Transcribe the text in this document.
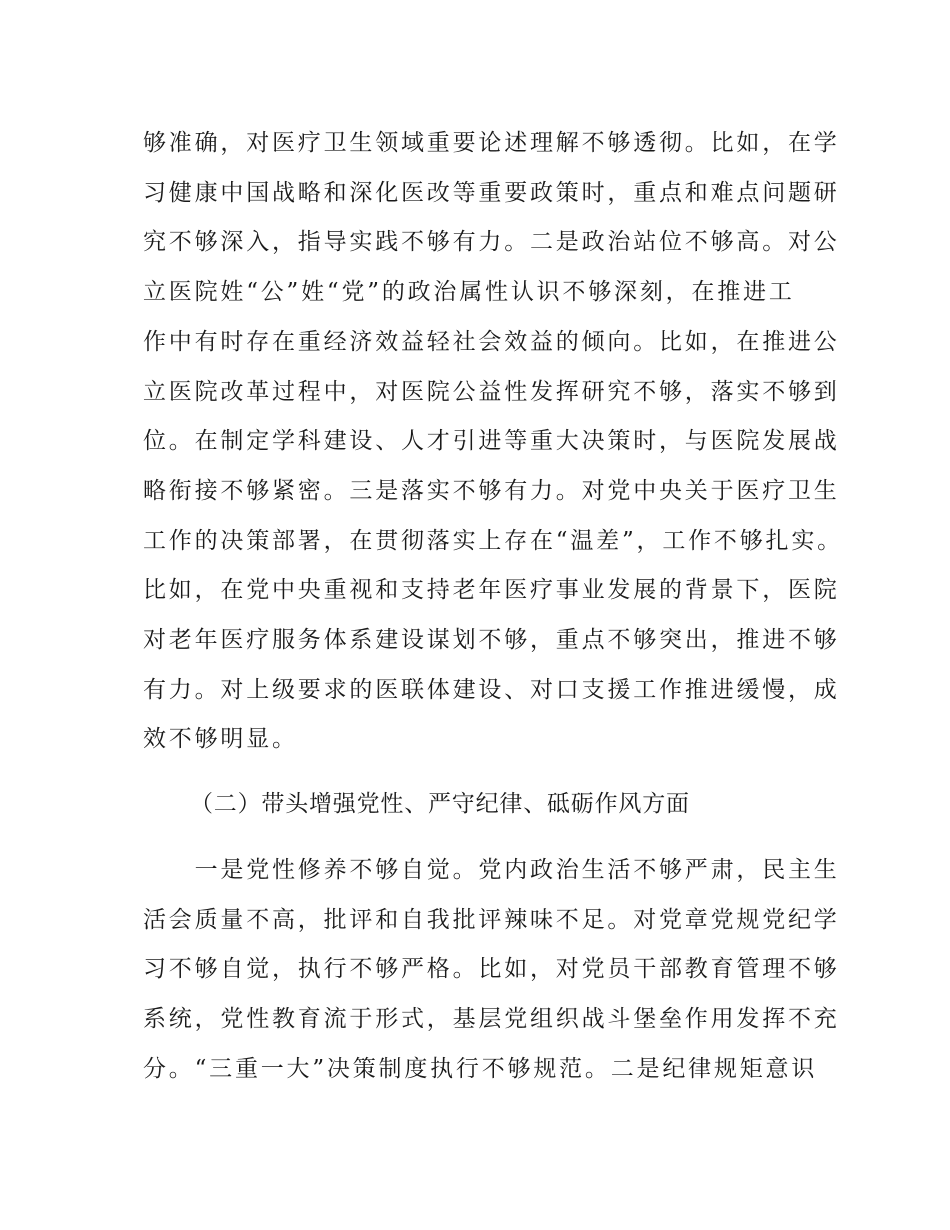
够准确，对医疗卫生领域重要论述理解不够透彻。比如，在学
习健康中国战略和深化医改等重要政策时，重点和难点问题研
究不够深入，指导实践不够有力。二是政治站位不够高。对公
立医院姓“公”姓“党”的政治属性认识不够深刻，在推进工
作中有时存在重经济效益轻社会效益的倾向。比如，在推进公
立医院改革过程中，对医院公益性发挥研究不够，落实不够到
位。在制定学科建设、人才引进等重大决策时，与医院发展战
略衔接不够紧密。三是落实不够有力。对党中央关于医疗卫生
工作的决策部署，在贯彻落实上存在“温差”，工作不够扎实。
比如，在党中央重视和支持老年医疗事业发展的背景下，医院
对老年医疗服务体系建设谋划不够，重点不够突出，推进不够
有力。对上级要求的医联体建设、对口支援工作推进缓慢，成
效不够明显。
（二）带头增强党性、严守纪律、砥砺作风方面
　　一是党性修养不够自觉。党内政治生活不够严肃，民主生
活会质量不高，批评和自我批评辣味不足。对党章党规党纪学
习不够自觉，执行不够严格。比如，对党员干部教育管理不够
系统，党性教育流于形式，基层党组织战斗堡垒作用发挥不充
分。“三重一大”决策制度执行不够规范。二是纪律规矩意识
